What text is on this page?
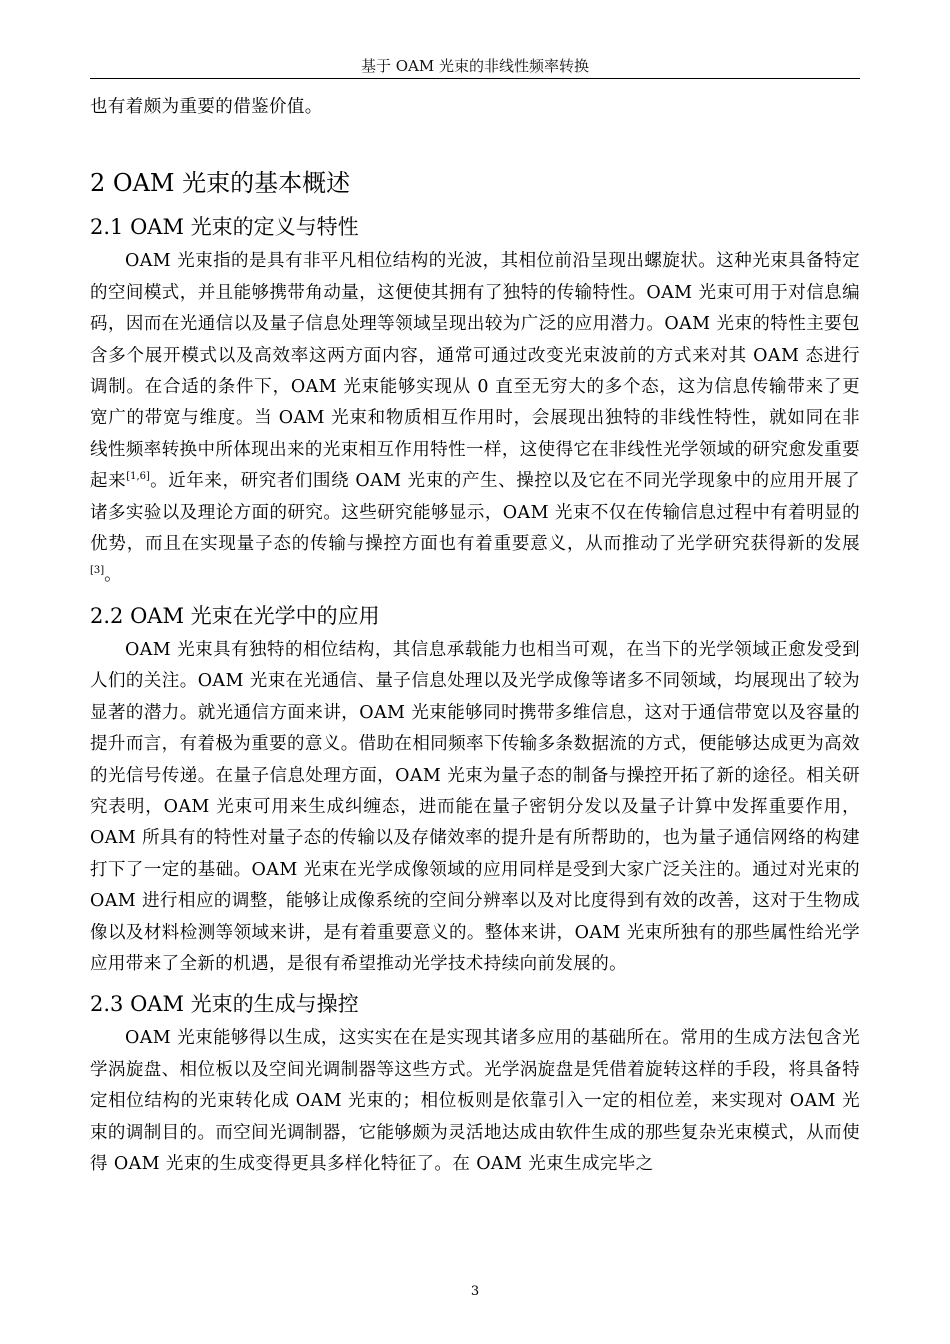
基于 OAM 光束的非线性频率转换

也有着颇为重要的借鉴价值。

2 OAM 光束的基本概述
2.1 OAM 光束的定义与特性

OAM 光束指的是具有非平凡相位结构的光波，其相位前沿呈现出螺旋状。这种光束具备特定的空间模式，并且能够携带角动量，这便使其拥有了独特的传输特性。OAM 光束可用于对信息编码，因而在光通信以及量子信息处理等领域呈现出较为广泛的应用潜力。OAM 光束的特性主要包含多个展开模式以及高效率这两方面内容，通常可通过改变光束波前的方式来对其 OAM 态进行调制。在合适的条件下，OAM 光束能够实现从 0 直至无穷大的多个态，这为信息传输带来了更宽广的带宽与维度。当 OAM 光束和物质相互作用时，会展现出独特的非线性特性，就如同在非线性频率转换中所体现出来的光束相互作用特性一样，这使得它在非线性光学领域的研究愈发重要起来[1,6]。近年来，研究者们围绕 OAM 光束的产生、操控以及它在不同光学现象中的应用开展了诸多实验以及理论方面的研究。这些研究能够显示，OAM 光束不仅在传输信息过程中有着明显的优势，而且在实现量子态的传输与操控方面也有着重要意义，从而推动了光学研究获得新的发展[3]。

2.2 OAM 光束在光学中的应用

OAM 光束具有独特的相位结构，其信息承载能力也相当可观，在当下的光学领域正愈发受到人们的关注。OAM 光束在光通信、量子信息处理以及光学成像等诸多不同领域，均展现出了较为显著的潜力。就光通信方面来讲，OAM 光束能够同时携带多维信息，这对于通信带宽以及容量的提升而言，有着极为重要的意义。借助在相同频率下传输多条数据流的方式，便能够达成更为高效的光信号传递。在量子信息处理方面，OAM 光束为量子态的制备与操控开拓了新的途径。相关研究表明，OAM 光束可用来生成纠缠态，进而能在量子密钥分发以及量子计算中发挥重要作用，OAM 所具有的特性对量子态的传输以及存储效率的提升是有所帮助的，也为量子通信网络的构建打下了一定的基础。OAM 光束在光学成像领域的应用同样是受到大家广泛关注的。通过对光束的 OAM 进行相应的调整，能够让成像系统的空间分辨率以及对比度得到有效的改善，这对于生物成像以及材料检测等领域来讲，是有着重要意义的。整体来讲，OAM 光束所独有的那些属性给光学应用带来了全新的机遇，是很有希望推动光学技术持续向前发展的。

2.3 OAM 光束的生成与操控

OAM 光束能够得以生成，这实实在在是实现其诸多应用的基础所在。常用的生成方法包含光学涡旋盘、相位板以及空间光调制器等这些方式。光学涡旋盘是凭借着旋转这样的手段，将具备特定相位结构的光束转化成 OAM 光束的；相位板则是依靠引入一定的相位差，来实现对 OAM 光束的调制目的。而空间光调制器，它能够颇为灵活地达成由软件生成的那些复杂光束模式，从而使得 OAM 光束的生成变得更具多样化特征了。在 OAM 光束生成完毕之

3
